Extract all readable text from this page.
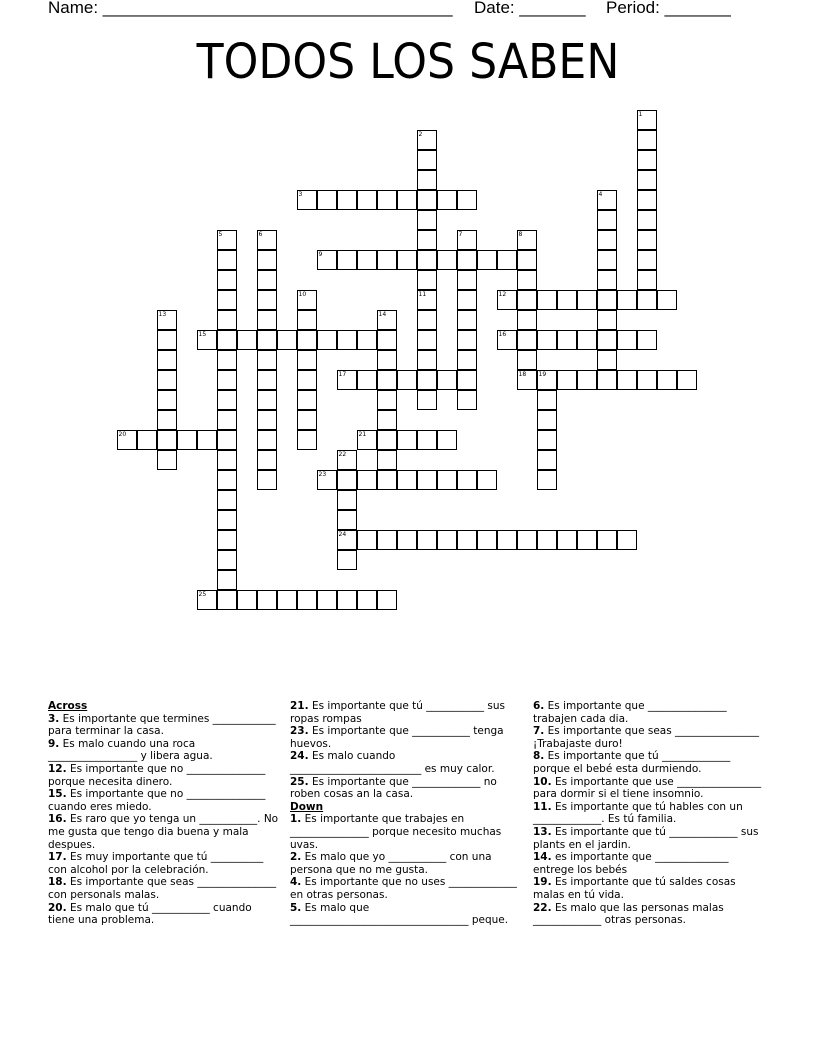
Name: _____________________________________ Date: _______ Period: _______
TODOS LOS SABEN
1
2
3	4
5	6	7	8
9
10	11	12
13	14
15	16
17	18 19
20	21
22
23
24
25

Across

3. Es importante que termines ____________ para terminar la casa.

9. Es malo cuando una roca _________________ y libera agua.

12. Es importante que no _______________ porque necesita dinero.

15. Es importante que no _______________ cuando eres miedo.

16. Es raro que yo tenga un ___________. No me gusta que tengo dia buena y mala despues.

17. Es muy importante que tú __________ con alcohol por la celebración.

18. Es importante que seas _______________ con personals malas.

20. Es malo que tú ___________ cuando tiene una problema.

21. Es importante que tú ___________ sus ropas rompas

23. Es importante que ___________ tenga huevos.

24. Es malo cuando _________________________ es muy calor.

25. Es importante que _____________ no roben cosas an la casa.

Down

1. Es importante que trabajes en _______________ porque necesito muchas uvas.

2. Es malo que yo ___________ con una persona que no me gusta.

4. Es importante que no uses _____________ en otras personas.

5. Es malo que __________________________________ peque.

6. Es importante que _______________ trabajen cada dia.

7. Es importante que seas ________________ ¡Trabajaste duro!

8. Es importante que tú _____________ porque el bebé esta durmiendo.

10. Es importante que use ________________ para dormir si el tiene insomnio.

11. Es importante que tú hables con un _____________. Es tú familia.

13. Es importante que tú _____________ sus plants en el jardin.

14. es importante que ______________ entrege los bebés

19. Es importante que tú saldes cosas malas en tú vida.

22. Es malo que las personas malas _____________ otras personas.
